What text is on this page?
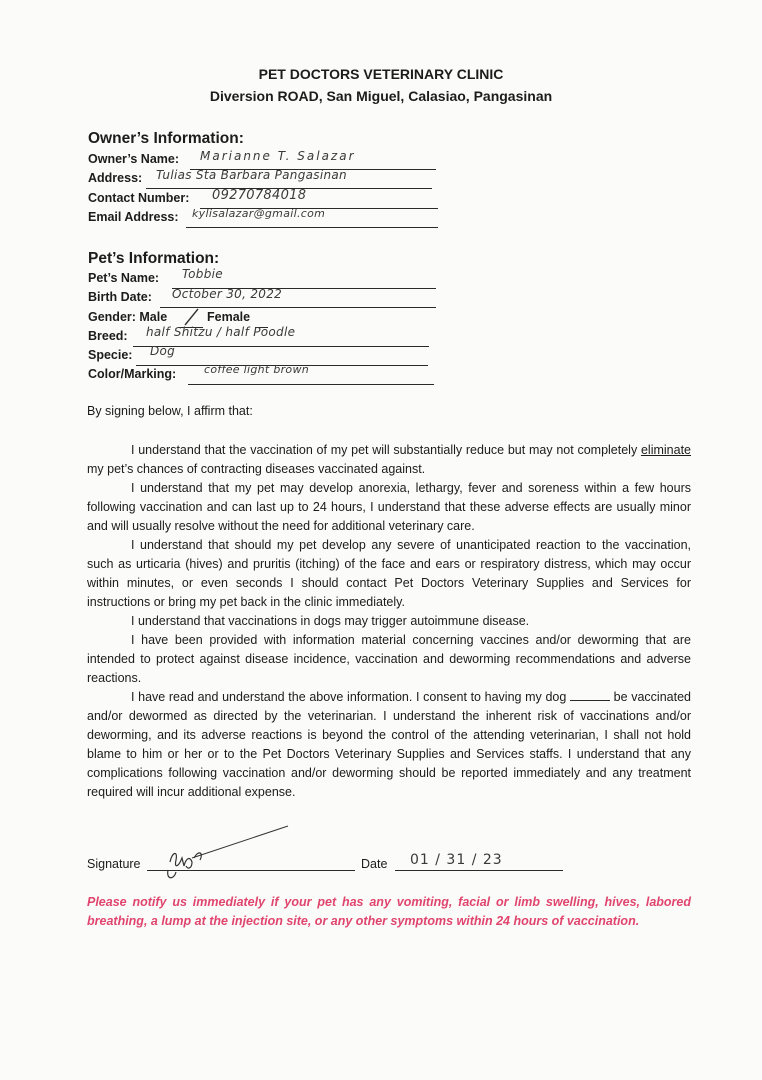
PET DOCTORS VETERINARY CLINIC
Diversion ROAD, San Miguel, Calasiao, Pangasinan
Owner’s Information:
Owner’s Name: Marianne T. Salazar
Address: Tulias Sta Barbara Pangasinan
Contact Number: 09270784018
Email Address: kylisalazar@gmail.com
Pet’s Information:
Pet’s Name: Tobbie
Birth Date: October 30, 2022
Gender: Male	Female
Breed: half Shitzu / half Poodle
Specie: Dog
Color/Marking:	coffee light brown
By signing below, I affirm that:

I understand that the vaccination of my pet will substantially reduce but may not completely eliminate my pet’s chances of contracting diseases vaccinated against.

I understand that my pet may develop anorexia, lethargy, fever and soreness within a few hours following vaccination and can last up to 24 hours, I understand that these adverse effects are usually minor and will usually resolve without the need for additional veterinary care.

I understand that should my pet develop any severe of unanticipated reaction to the vaccination, such as urticaria (hives) and pruritis (itching) of the face and ears or respiratory distress, which may occur within minutes, or even seconds I should contact Pet Doctors Veterinary Supplies and Services for instructions or bring my pet back in the clinic immediately.

I understand that vaccinations in dogs may trigger autoimmune disease.

I have been provided with information material concerning vaccines and/or deworming that are intended to protect against disease incidence, vaccination and deworming recommendations and adverse reactions.

I have read and understand the above information. I consent to having my dog	be vaccinated and/or dewormed as directed by the veterinarian. I understand the inherent risk of vaccinations and/or deworming, and its adverse reactions is beyond the control of the attending veterinarian, I shall not hold blame to him or her or to the Pet Doctors Veterinary Supplies and Services staffs. I understand that any complications following vaccination and/or deworming should be reported immediately and any treatment required will incur additional expense.

Signature	Date 01 / 31 / 23
Please notify us immediately if your pet has any vomiting, facial or limb swelling, hives, labored breathing, a lump at the injection site, or any other symptoms within 24 hours of vaccination.
